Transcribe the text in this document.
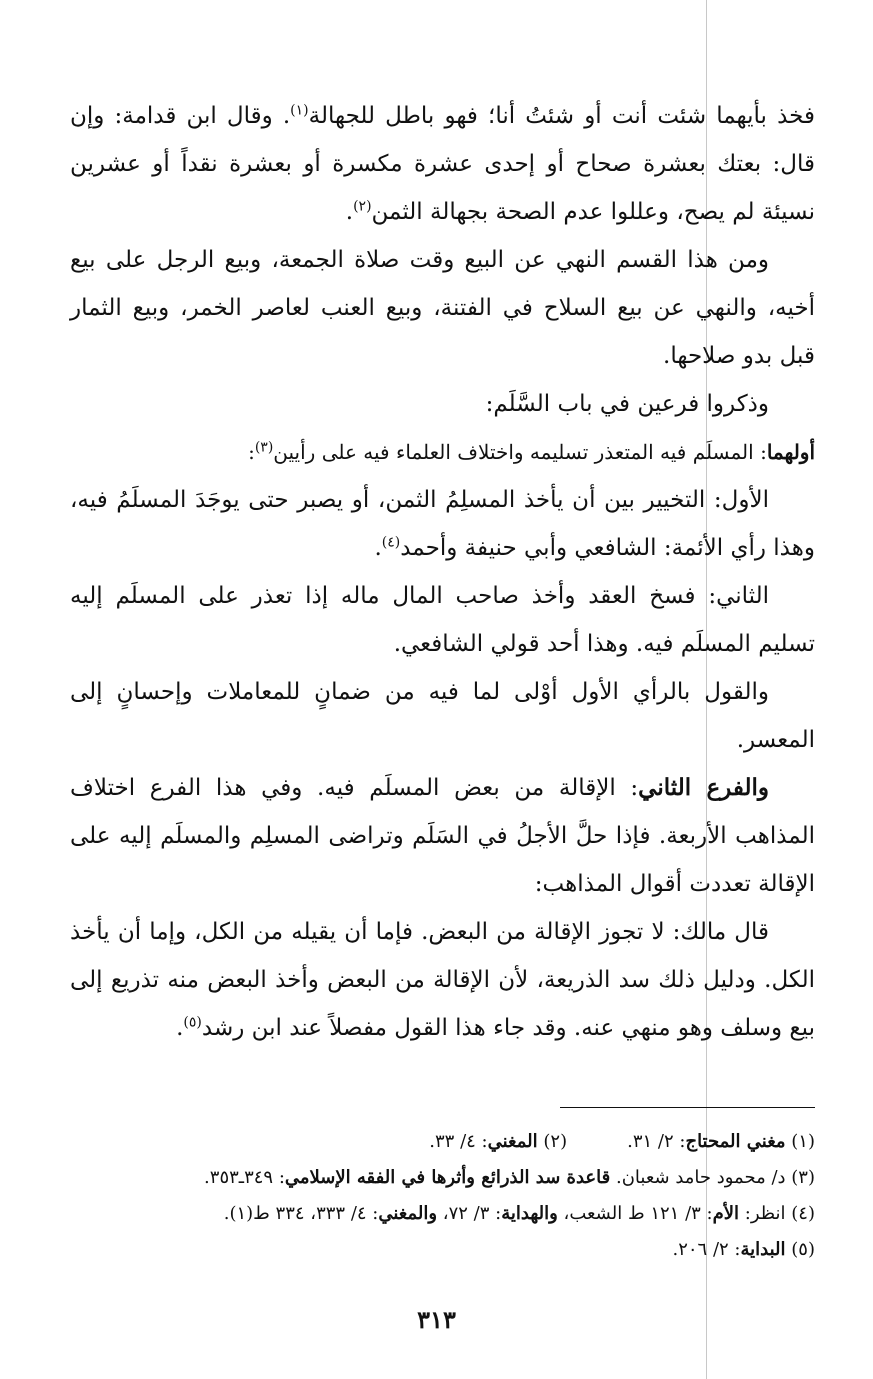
فخذ بأيهما شئت أنت أو شئتُ أنا؛ فهو باطل للجهالة$^{(١)}$. وقال ابن قدامة: وإن قال: بعتك بعشرة صحاح أو إحدى عشرة مكسرة أو بعشرة نقداً أو عشرين نسيئة لم يصح، وعللوا عدم الصحة بجهالة الثمن$^{(٢)}$.

ومن هذا القسم النهي عن البيع وقت صلاة الجمعة، وبيع الرجل على بيع أخيه، والنهي عن بيع السلاح في الفتنة، وبيع العنب لعاصر الخمر، وبيع الثمار قبل بدو صلاحها.

وذكروا فرعين في باب السَّلَم:

أولهما: المسلَم فيه المتعذر تسليمه واختلاف العلماء فيه على رأيين$^{(٣)}$:

الأول: التخيير بين أن يأخذ المسلِمُ الثمن، أو يصبر حتى يوجَدَ المسلَمُ فيه، وهذا رأي الأئمة: الشافعي وأبي حنيفة وأحمد$^{(٤)}$.

الثاني: فسخ العقد وأخذ صاحب المال ماله إذا تعذر على المسلَم إليه تسليم المسلَم فيه. وهذا أحد قولي الشافعي.

والقول بالرأي الأول أوْلى لما فيه من ضمانٍ للمعاملات وإحسانٍ إلى المعسر.

والفرع الثاني: الإقالة من بعض المسلَم فيه. وفي هذا الفرع اختلاف المذاهب الأربعة. فإذا حلَّ الأجلُ في السَلَم وتراضى المسلِم والمسلَم إليه على الإقالة تعددت أقوال المذاهب:

قال مالك: لا تجوز الإقالة من البعض. فإما أن يقيله من الكل، وإما أن يأخذ الكل. ودليل ذلك سد الذريعة، لأن الإقالة من البعض وأخذ البعض منه تذريع إلى بيع وسلف وهو منهي عنه. وقد جاء هذا القول مفصلاً عند ابن رشد$^{(٥)}$.

(١) مغني المحتاج: ٢/ ٣١.(٢) المغني: ٤/ ٣٣.

(٣) د/ محمود حامد شعبان. قاعدة سد الذرائع وأثرها في الفقه الإسلامي: ٣٤٩ـ٣٥٣.

(٤) انظر: الأم: ٣/ ١٢١ ط الشعب، والهداية: ٣/ ٧٢، والمغني: ٤/ ٣٣٣، ٣٣٤ ط(١).

(٥) البداية: ٢/ ٢٠٦.

٣١٣
